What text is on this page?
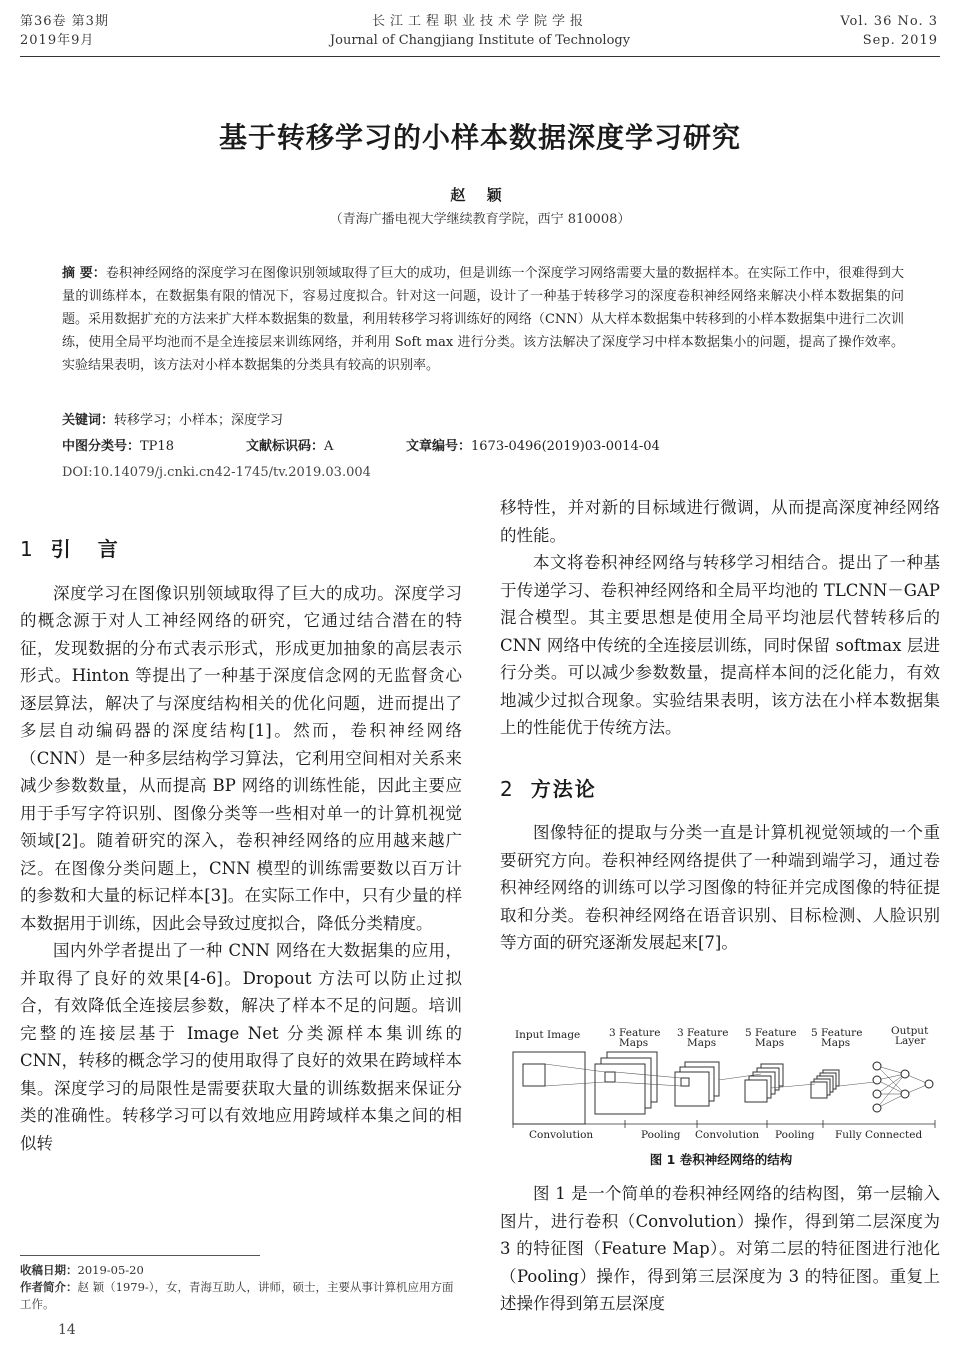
第36卷 第3期
2019年9月
长江工程职业技术学院学报
Journal of Changjiang Institute of Technology
Vol. 36 No. 3
Sep. 2019
基于转移学习的小样本数据深度学习研究
赵 颖
（青海广播电视大学继续教育学院，西宁 810008）
摘 要：卷积神经网络的深度学习在图像识别领域取得了巨大的成功，但是训练一个深度学习网络需要大量的数据样本。在实际工作中，很难得到大量的训练样本，在数据集有限的情况下，容易过度拟合。针对这一问题，设计了一种基于转移学习的深度卷积神经网络来解决小样本数据集的问题。采用数据扩充的方法来扩大样本数据集的数量，利用转移学习将训练好的网络（CNN）从大样本数据集中转移到的小样本数据集中进行二次训练，使用全局平均池而不是全连接层来训练网络，并利用 Soft max 进行分类。该方法解决了深度学习中样本数据集小的问题，提高了操作效率。实验结果表明，该方法对小样本数据集的分类具有较高的识别率。
关键词：转移学习；小样本；深度学习
中图分类号：TP18	文献标识码：A	文章编号：1673-0496(2019)03-0014-04
DOI:10.14079/j.cnki.cn42-1745/tv.2019.03.004
1 引 言

深度学习在图像识别领域取得了巨大的成功。深度学习的概念源于对人工神经网络的研究，它通过结合潜在的特征，发现数据的分布式表示形式，形成更加抽象的高层表示形式。Hinton 等提出了一种基于深度信念网的无监督贪心逐层算法，解决了与深度结构相关的优化问题，进而提出了多层自动编码器的深度结构[1]。然而，卷积神经网络（CNN）是一种多层结构学习算法，它利用空间相对关系来减少参数数量，从而提高 BP 网络的训练性能，因此主要应用于手写字符识别、图像分类等一些相对单一的计算机视觉领域[2]。随着研究的深入，卷积神经网络的应用越来越广泛。在图像分类问题上，CNN 模型的训练需要数以百万计的参数和大量的标记样本[3]。在实际工作中，只有少量的样本数据用于训练，因此会导致过度拟合，降低分类精度。

国内外学者提出了一种 CNN 网络在大数据集的应用，并取得了良好的效果[4-6]。Dropout 方法可以防止过拟合，有效降低全连接层参数，解决了样本不足的问题。培训完整的连接层基于 Image Net 分类源样本集训练的 CNN，转移的概念学习的使用取得了良好的效果在跨域样本集。深度学习的局限性是需要获取大量的训练数据来保证分类的准确性。转移学习可以有效地应用跨域样本集之间的相似转

移特性，并对新的目标域进行微调，从而提高深度神经网络的性能。

本文将卷积神经网络与转移学习相结合。提出了一种基于传递学习、卷积神经网络和全局平均池的 TLCNN－GAP 混合模型。其主要思想是使用全局平均池层代替转移后的 CNN 网络中传统的全连接层训练，同时保留 softmax 层进行分类。可以减少参数数量，提高样本间的泛化能力，有效地减少过拟合现象。实验结果表明，该方法在小样本数据集上的性能优于传统方法。

2 方法论

图像特征的提取与分类一直是计算机视觉领域的一个重要研究方向。卷积神经网络提供了一种端到端学习，通过卷积神经网络的训练可以学习图像的特征并完成图像的特征提取和分类。卷积神经网络在语音识别、目标检测、人脸识别等方面的研究逐渐发展起来[7]。

Input Image	3 Feature
Maps
3 Feature
Maps
5 Feature
Maps
5 Feature
Maps
Output
Layer
Convolution	Pooling Convolution Pooling Fully Connected
图 1 卷积神经网络的结构

图 1 是一个简单的卷积神经网络的结构图，第一层输入图片，进行卷积（Convolution）操作，得到第二层深度为 3 的特征图（Feature Map）。对第二层的特征图进行池化（Pooling）操作，得到第三层深度为 3 的特征图。重复上述操作得到第五层深度

收稿日期：2019-05-20
作者简介：赵 颖（1979-），女，青海互助人，讲师，硕士，主要从事计算机应用方面工作。
14
